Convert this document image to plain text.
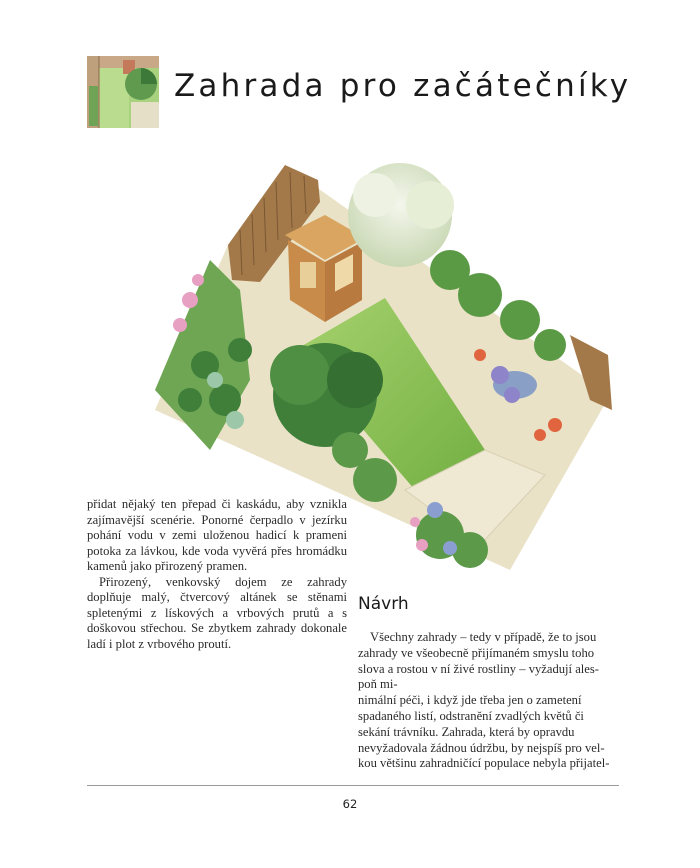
Zahrada pro začátečníky

přidat nějaký ten přepad či kaskádu, aby vznikla zajímavější scenérie. Ponorné čerpadlo v jezírku pohání vodu v zemi uloženou hadicí k prameni potoka za lávkou, kde voda vyvěrá přes hromádku kamenů jako přirozený pramen.

Přirozený, venkovský dojem ze zahrady doplňuje malý, čtvercový altánek se stěnami spletenými z lískových a vrbových prutů a s doškovou střechou. Se zbytkem zahrady dokonale ladí i plot z vrbového proutí.

Návrh
Všechny zahrady – tedy v případě, že to jsou
zahrady ve všeobecně přijímaném smyslu toho
slova a rostou v ní živé rostliny – vyžadují ales-
poň mi-
nimální péči, i když jde třeba jen o zametení
spadaného listí, odstranění zvadlých květů či
sekání trávníku. Zahrada, která by opravdu
nevyžadovala žádnou údržbu, by nejspíš pro vel-
kou většinu zahradničící populace nebyla přijatel-
62
